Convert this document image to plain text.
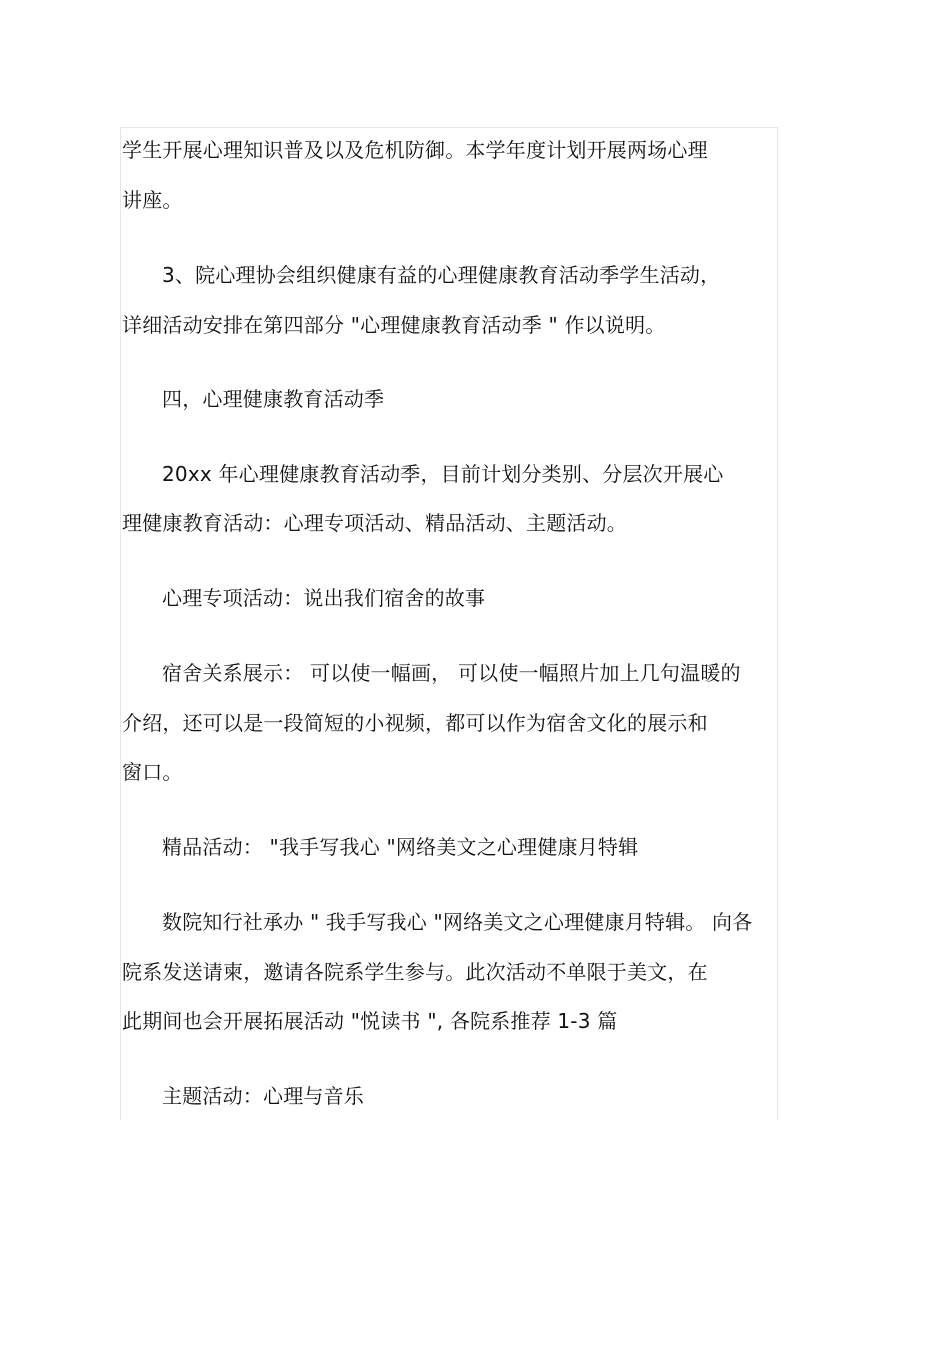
学生开展心理知识普及以及危机防御。本学年度计划开展两场心理
讲座。
3、院心理协会组织健康有益的心理健康教育活动季学生活动，
详细活动安排在第四部分 "心理健康教育活动季 " 作以说明。
四，心理健康教育活动季
20xx 年心理健康教育活动季，目前计划分类别、分层次开展心
理健康教育活动：心理专项活动、精品活动、主题活动。
心理专项活动：说出我们宿舍的故事
宿舍关系展示： 可以使一幅画， 可以使一幅照片加上几句温暖的
介绍，还可以是一段简短的小视频，都可以作为宿舍文化的展示和
窗口。
精品活动： "我手写我心 "网络美文之心理健康月特辑
数院知行社承办 " 我手写我心 "网络美文之心理健康月特辑。 向各
院系发送请柬，邀请各院系学生参与。此次活动不单限于美文，在
此期间也会开展拓展活动 "悦读书 ", 各院系推荐 1-3 篇
主题活动：心理与音乐
